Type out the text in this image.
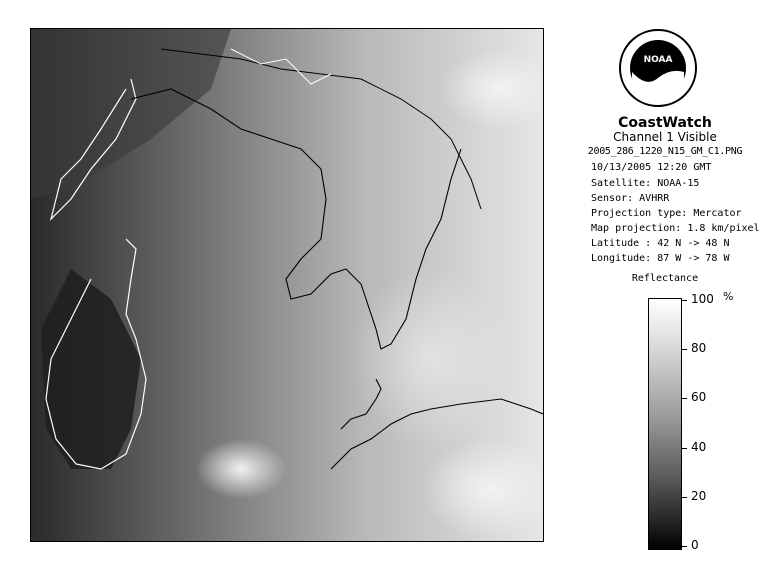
NOAA
CoastWatch
Channel 1 Visible
2005_286_1220_N15_GM_C1.PNG
10/13/2005 12:20 GMT
Satellite: NOAA-15
Sensor: AVHRR
Projection type: Mercator
Map projection: 1.8 km/pixel
Latitude : 42 N -> 48 N
Longitude: 87 W -> 78 W
Reflectance
%
100
80
60
40
20
0
